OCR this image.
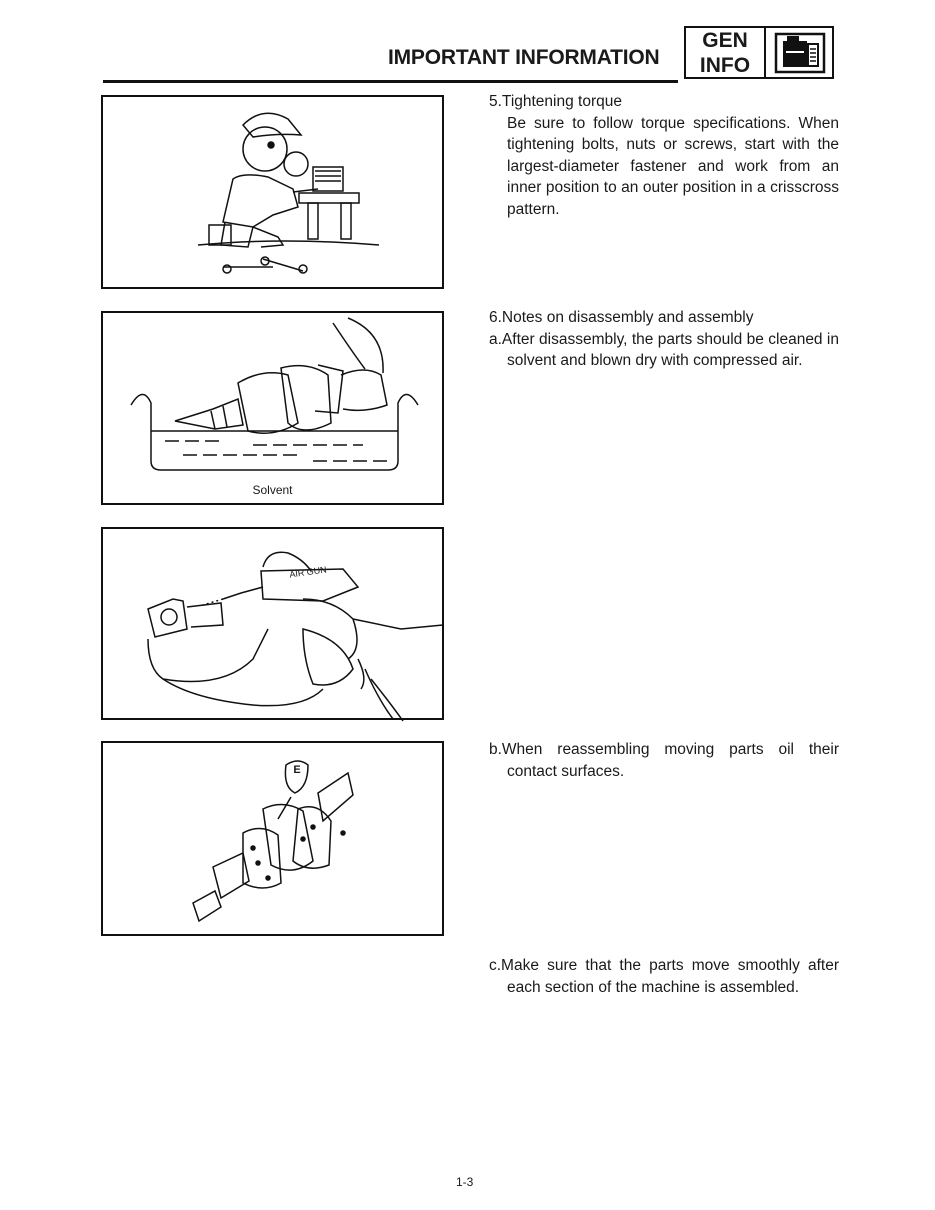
IMPORTANT INFORMATION
GEN
INFO
Solvent
AIR GUN
E
5.Tightening torque
Be sure to follow torque specifications. When tightening bolts, nuts or screws, start with the largest-diameter fastener and work from an inner position to an outer position in a crisscross pattern.
6.Notes on disassembly and assembly
a.After disassembly, the parts should be cleaned in solvent and blown dry with compressed air.
b.When reassembling moving parts oil their contact surfaces.
c.Make sure that the parts move smoothly after each section of the machine is assembled.
1-3
